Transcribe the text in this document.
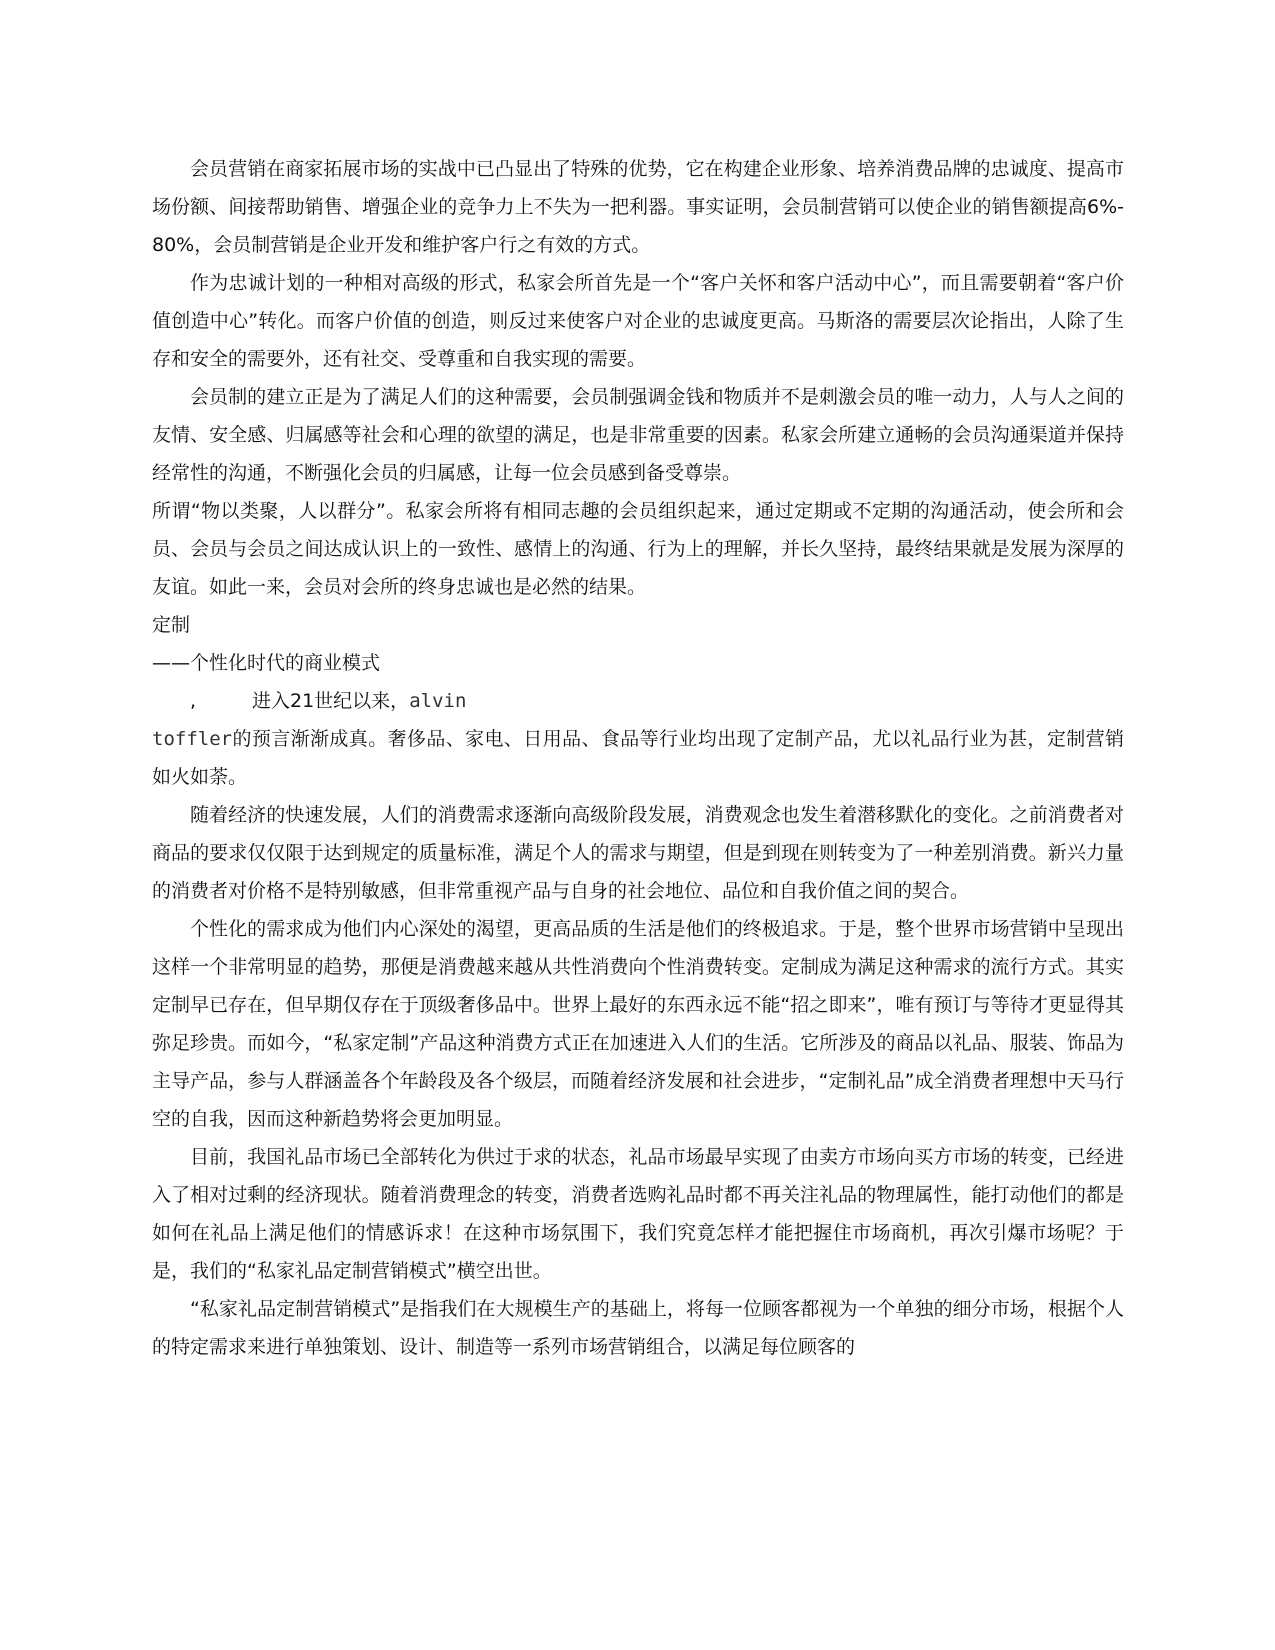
会员营销在商家拓展市场的实战中已凸显出了特殊的优势，它在构建企业形象、培养消费品牌的忠诚度、提高市场份额、间接帮助销售、增强企业的竞争力上不失为一把利器。事实证明，会员制营销可以使企业的销售额提高6%-80%，会员制营销是企业开发和维护客户行之有效的方式。

作为忠诚计划的一种相对高级的形式，私家会所首先是一个“客户关怀和客户活动中心”，而且需要朝着“客户价值创造中心”转化。而客户价值的创造，则反过来使客户对企业的忠诚度更高。马斯洛的需要层次论指出，人除了生存和安全的需要外，还有社交、受尊重和自我实现的需要。

会员制的建立正是为了满足人们的这种需要，会员制强调金钱和物质并不是刺激会员的唯一动力，人与人之间的友情、安全感、归属感等社会和心理的欲望的满足，也是非常重要的因素。私家会所建立通畅的会员沟通渠道并保持经常性的沟通，不断强化会员的归属感，让每一位会员感到备受尊崇。

所谓“物以类聚，人以群分”。私家会所将有相同志趣的会员组织起来，通过定期或不定期的沟通活动，使会所和会员、会员与会员之间达成认识上的一致性、感情上的沟通、行为上的理解，并长久坚持，最终结果就是发展为深厚的友谊。如此一来，会员对会所的终身忠诚也是必然的结果。

定制

——个性化时代的商业模式

,	进入21世纪以来，alvin
toffler的预言渐渐成真。奢侈品、家电、日用品、食品等行业均出现了定制产品，尤以礼品行业为甚，定制营销如火如荼。

随着经济的快速发展，人们的消费需求逐渐向高级阶段发展，消费观念也发生着潜移默化的变化。之前消费者对商品的要求仅仅限于达到规定的质量标准，满足个人的需求与期望，但是到现在则转变为了一种差别消费。新兴力量的消费者对价格不是特别敏感，但非常重视产品与自身的社会地位、品位和自我价值之间的契合。

个性化的需求成为他们内心深处的渴望，更高品质的生活是他们的终极追求。于是，整个世界市场营销中呈现出这样一个非常明显的趋势，那便是消费越来越从共性消费向个性消费转变。定制成为满足这种需求的流行方式。其实定制早已存在，但早期仅存在于顶级奢侈品中。世界上最好的东西永远不能“招之即来”，唯有预订与等待才更显得其弥足珍贵。而如今，“私家定制”产品这种消费方式正在加速进入人们的生活。它所涉及的商品以礼品、服装、饰品为主导产品，参与人群涵盖各个年龄段及各个级层，而随着经济发展和社会进步，“定制礼品”成全消费者理想中天马行空的自我，因而这种新趋势将会更加明显。

目前，我国礼品市场已全部转化为供过于求的状态，礼品市场最早实现了由卖方市场向买方市场的转变，已经进入了相对过剩的经济现状。随着消费理念的转变，消费者选购礼品时都不再关注礼品的物理属性，能打动他们的都是如何在礼品上满足他们的情感诉求！在这种市场氛围下，我们究竟怎样才能把握住市场商机，再次引爆市场呢？于是，我们的“私家礼品定制营销模式”横空出世。

“私家礼品定制营销模式”是指我们在大规模生产的基础上，将每一位顾客都视为一个单独的细分市场，根据个人的特定需求来进行单独策划、设计、制造等一系列市场营销组合，以满足每位顾客的
